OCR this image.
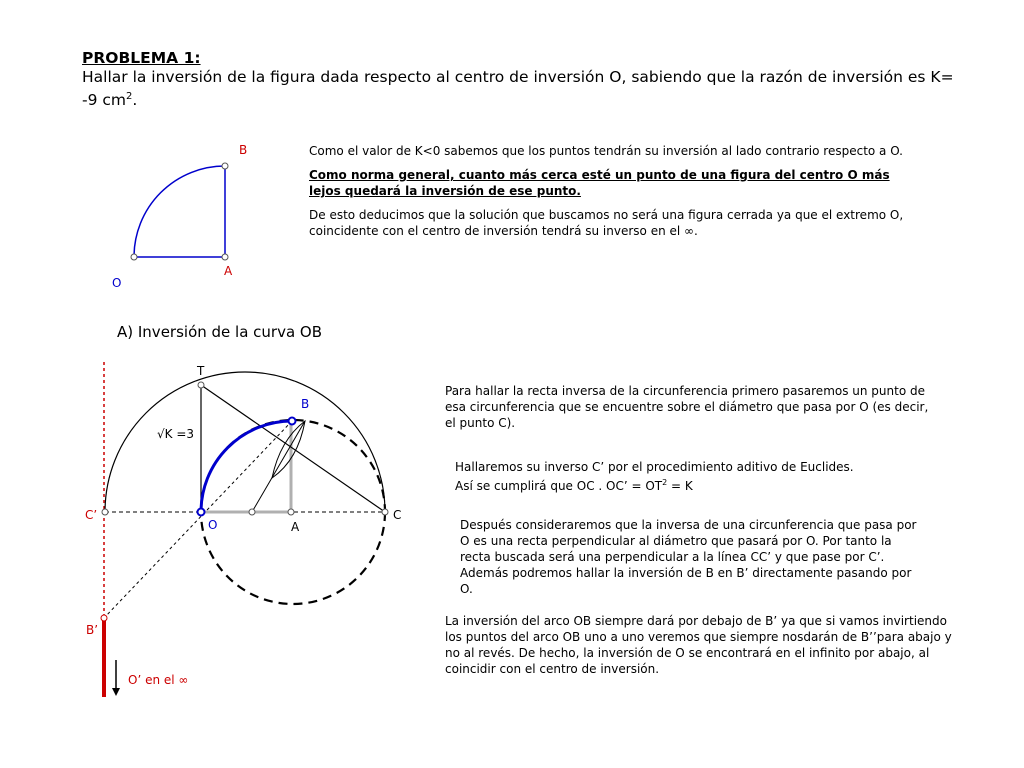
PROBLEMA 1:
Hallar la inversión de la figura dada respecto al centro de inversión O, sabiendo que la razón de inversión es K= -9 $cm^2$.
Como el valor de K<0 sabemos que los puntos tendrán su inversión al lado contrario respecto a O.
Como norma general, cuanto más cerca esté un punto de una figura del centro O más lejos quedará la inversión de ese punto.
De esto deducimos que la solución que buscamos no será una figura cerrada ya que el extremo O, coincidente con el centro de inversión tendrá su inverso en el ∞.
A) Inversión de la curva OB
Para hallar la recta inversa de la circunferencia primero pasaremos un punto de esa circunferencia que se encuentre sobre el diámetro que pasa por O (es decir, el punto C).
Hallaremos su inverso C’ por el procedimiento aditivo de Euclides.
Así se cumplirá que OC . OC’ = $OT^2 = K$
Después consideraremos que la inversa de una circunferencia que pasa por O es una recta perpendicular al diámetro que pasará por O. Por tanto la recta buscada será una perpendicular a la línea CC’ y que pase por C’. Además podremos hallar la inversión de B en B’ directamente pasando por O.
La inversión del arco OB siempre dará por debajo de B’ ya que si vamos invirtiendo los puntos del arco OB uno a uno veremos que siempre nosdarán de B’’para abajo y no al revés. De hecho, la inversión de O se encontrará en el infinito por abajo, al coincidir con el centro de inversión.
B
O
A
T
B
√K =3
C’
O	A
C
B’
O’ en el ∞
